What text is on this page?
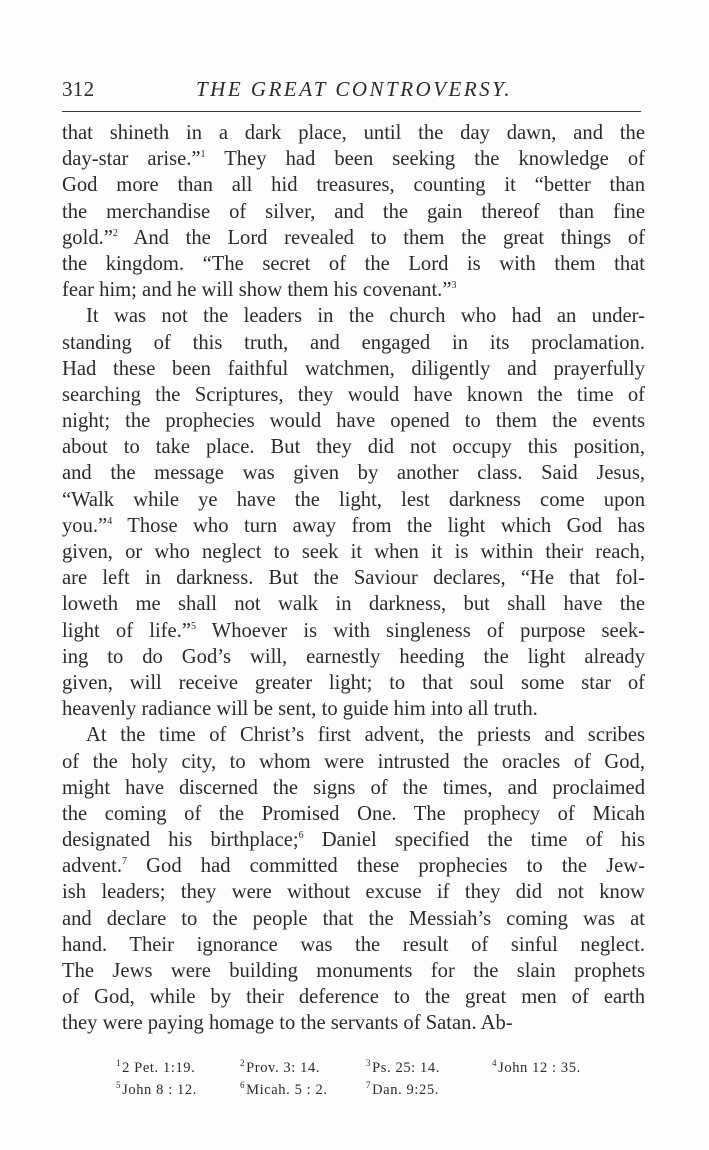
312	THE GREAT CONTROVERSY.
that shineth in a dark place, until the day dawn, and the
day-star arise.”$^1$ They had been seeking the knowledge of
God more than all hid treasures, counting it “better than
the merchandise of silver, and the gain thereof than fine
gold.”$^2$ And the Lord revealed to them the great things of
the kingdom. “The secret of the Lord is with them that
fear him; and he will show them his covenant.”$^3$
It was not the leaders in the church who had an under-
standing of this truth, and engaged in its proclamation.
Had these been faithful watchmen, diligently and prayerfully
searching the Scriptures, they would have known the time of
night; the prophecies would have opened to them the events
about to take place. But they did not occupy this position,
and the message was given by another class. Said Jesus,
“Walk while ye have the light, lest darkness come upon
you.”$^4$ Those who turn away from the light which God has
given, or who neglect to seek it when it is within their reach,
are left in darkness. But the Saviour declares, “He that fol-
loweth me shall not walk in darkness, but shall have the
light of life.”$^5$ Whoever is with singleness of purpose seek-
ing to do God’s will, earnestly heeding the light already
given, will receive greater light; to that soul some star of
heavenly radiance will be sent, to guide him into all truth.
At the time of Christ’s first advent, the priests and scribes
of the holy city, to whom were intrusted the oracles of God,
might have discerned the signs of the times, and proclaimed
the coming of the Promised One. The prophecy of Micah
designated his birthplace;$^6$ Daniel specified the time of his
advent.$^7$ God had committed these prophecies to the Jew-
ish leaders; they were without excuse if they did not know
and declare to the people that the Messiah’s coming was at
hand. Their ignorance was the result of sinful neglect.
The Jews were building monuments for the slain prophets
of God, while by their deference to the great men of earth
they were paying homage to the servants of Satan. Ab-
$^1$2 Pet. 1:19.	$^2$Prov. 3: 14.	$^3$Ps. 25: 14.	$^4$John 12 : 35.
$^5$John 8 : 12.	$^6$Micah. 5 : 2.	$^7$Dan. 9:25.
